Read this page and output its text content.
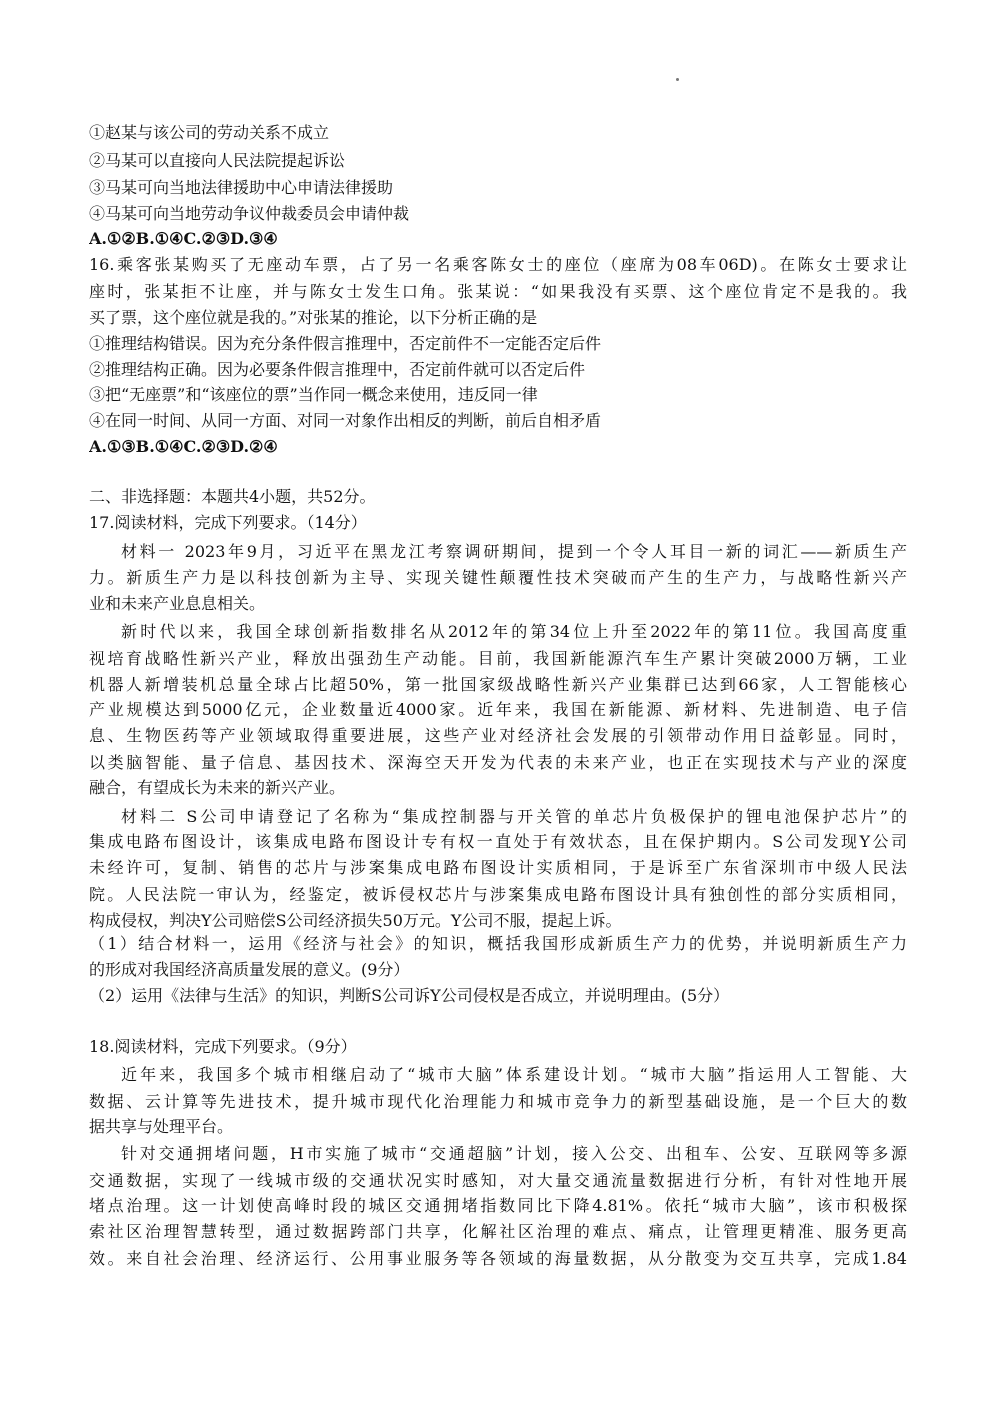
①赵某与该公司的劳动关系不成立
②马某可以直接向人民法院提起诉讼
③马某可向当地法律援助中心申请法律援助
④马某可向当地劳动争议仲裁委员会申请仲裁
A.①②B.①④C.②③D.③④
16.乘客张某购买了无座动车票，占了另一名乘客陈女士的座位（座席为08车06D)。在陈女士要求让
座时，张某拒不让座，并与陈女士发生口角。张某说：“如果我没有买票、这个座位肯定不是我的。我
买了票，这个座位就是我的。”对张某的推论，以下分析正确的是
①推理结构错误。因为充分条件假言推理中，否定前件不一定能否定后件
②推理结构正确。因为必要条件假言推理中，否定前件就可以否定后件
③把“无座票”和“该座位的票”当作同一概念来使用，违反同一律
④在同一时间、从同一方面、对同一对象作出相反的判断，前后自相矛盾
A.①③B.①④C.②③D.②④
二、非选择题：本题共4小题，共52分。
17.阅读材料，完成下列要求。（14分）
材料一 2023年9月，习近平在黑龙江考察调研期间，提到一个令人耳目一新的词汇——新质生产
力。新质生产力是以科技创新为主导、实现关键性颠覆性技术突破而产生的生产力，与战略性新兴产
业和未来产业息息相关。
新时代以来，我国全球创新指数排名从2012年的第34位上升至2022年的第11位。我国高度重
视培育战略性新兴产业，释放出强劲生产动能。目前，我国新能源汽车生产累计突破2000万辆，工业
机器人新增装机总量全球占比超50%，第一批国家级战略性新兴产业集群已达到66家，人工智能核心
产业规模达到5000亿元，企业数量近4000家。近年来，我国在新能源、新材料、先进制造、电子信
息、生物医药等产业领域取得重要进展，这些产业对经济社会发展的引领带动作用日益彰显。同时，
以类脑智能、量子信息、基因技术、深海空天开发为代表的未来产业，也正在实现技术与产业的深度
融合，有望成长为未来的新兴产业。
材料二 S公司申请登记了名称为“集成控制器与开关管的单芯片负极保护的锂电池保护芯片”的
集成电路布图设计，该集成电路布图设计专有权一直处于有效状态，且在保护期内。S公司发现Y公司
未经许可，复制、销售的芯片与涉案集成电路布图设计实质相同，于是诉至广东省深圳市中级人民法
院。人民法院一审认为，经鉴定，被诉侵权芯片与涉案集成电路布图设计具有独创性的部分实质相同，
构成侵权，判决Y公司赔偿S公司经济损失50万元。Y公司不服，提起上诉。
（1）结合材料一，运用《经济与社会》的知识，概括我国形成新质生产力的优势，并说明新质生产力
的形成对我国经济高质量发展的意义。(9分）
（2）运用《法律与生活》的知识，判断S公司诉Y公司侵权是否成立，并说明理由。(5分）
18.阅读材料，完成下列要求。（9分）
近年来，我国多个城市相继启动了“城市大脑”体系建设计划。“城市大脑”指运用人工智能、大
数据、云计算等先进技术，提升城市现代化治理能力和城市竞争力的新型基础设施，是一个巨大的数
据共享与处理平台。
针对交通拥堵问题，H市实施了城市“交通超脑”计划，接入公交、出租车、公安、互联网等多源
交通数据，实现了一线城市级的交通状况实时感知，对大量交通流量数据进行分析，有针对性地开展
堵点治理。这一计划使高峰时段的城区交通拥堵指数同比下降4.81%。依托“城市大脑”，该市积极探
索社区治理智慧转型，通过数据跨部门共享，化解社区治理的难点、痛点，让管理更精准、服务更高
效。来自社会治理、经济运行、公用事业服务等各领域的海量数据，从分散变为交互共享，完成1.84
